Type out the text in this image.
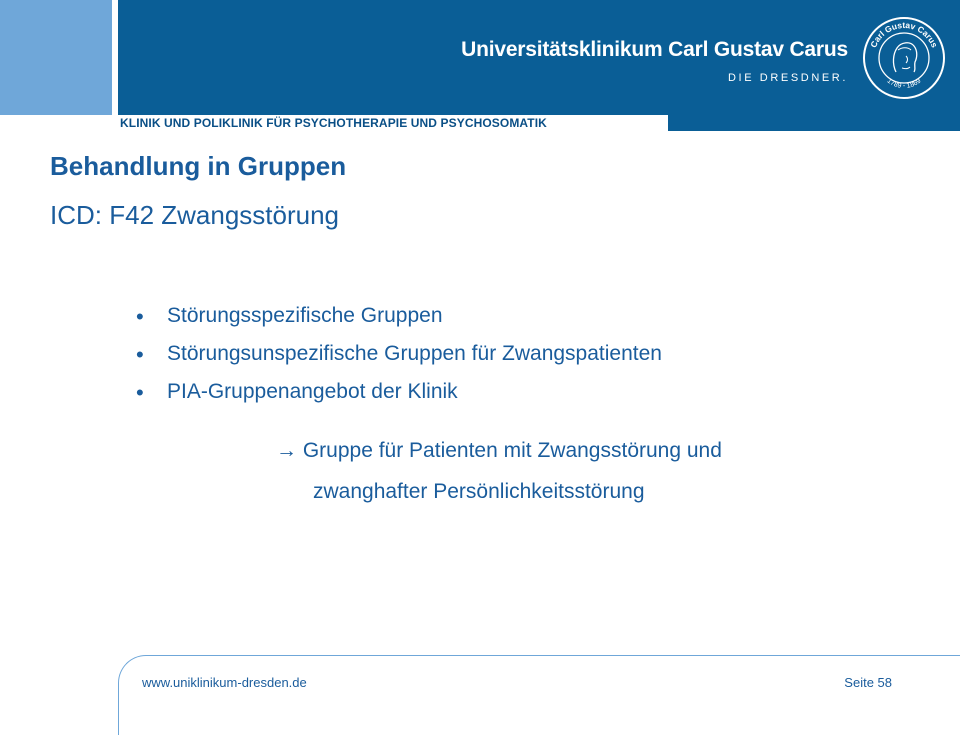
KLINIK UND POLIKLINIK FÜR PSYCHOTHERAPIE UND PSYCHOSOMATIK
Universitätsklinikum Carl Gustav Carus
DIE DRESDNER.
Carl Gustav Carus
1789 - 1869
Behandlung in Gruppen
ICD: F42 Zwangsstörung
• Störungsspezifische Gruppen
• Störungsunspezifische Gruppen für Zwangspatienten
• PIA-Gruppenangebot der Klinik
→ Gruppe für Patienten mit Zwangsstörung und
zwanghafter Persönlichkeitsstörung
www.uniklinikum-dresden.de	Seite 58
